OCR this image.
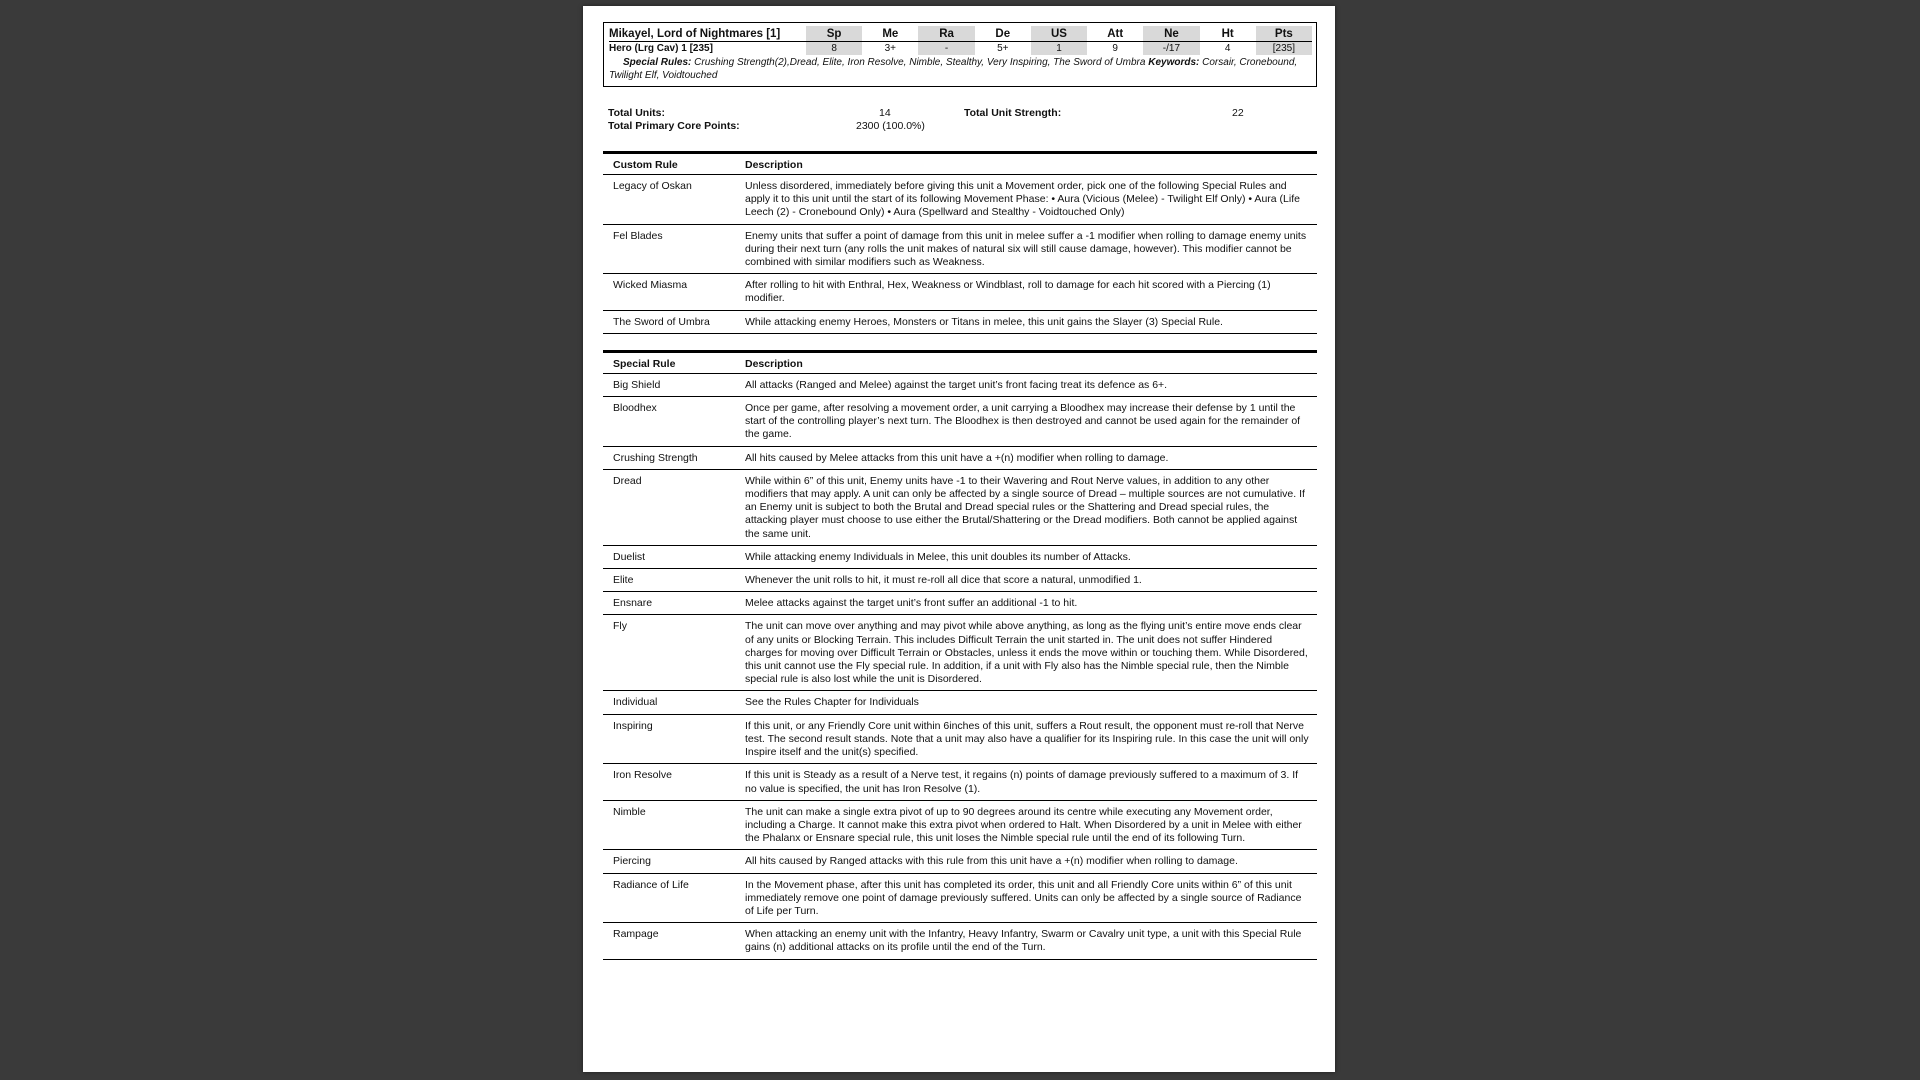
Mikayel, Lord of Nightmares [1]	Sp	Me	Ra	De	US	Att	Ne	Ht	Pts
Hero (Lrg Cav) 1 [235]	8	3+	-	5+	1	9	-/17	4	[235]
Special Rules: Crushing Strength(2),Dread, Elite, Iron Resolve, Nimble, Stealthy, Very Inspiring, The Sword of Umbra Keywords: Corsair, Cronebound, Twilight Elf, Voidtouched
Total Units:	14	Total Unit Strength:	22
Total Primary Core Points:	2300 (100.0%)
Custom Rule	Description
Legacy of Oskan	Unless disordered, immediately before giving this unit a Movement order, pick one of the following Special Rules and apply it to this unit until the start of its following Movement Phase: • Aura (Vicious (Melee) - Twilight Elf Only) • Aura (Life Leech (2) - Cronebound Only) • Aura (Spellward and Stealthy - Voidtouched Only)
Fel Blades	Enemy units that suffer a point of damage from this unit in melee suffer a -1 modifier when rolling to damage enemy units during their next turn (any rolls the unit makes of natural six will still cause damage, however). This modifier cannot be combined with similar modifiers such as Weakness.
Wicked Miasma	After rolling to hit with Enthral, Hex, Weakness or Windblast, roll to damage for each hit scored with a Piercing (1) modifier.
The Sword of Umbra	While attacking enemy Heroes, Monsters or Titans in melee, this unit gains the Slayer (3) Special Rule.
Special Rule	Description
Big Shield	All attacks (Ranged and Melee) against the target unit’s front facing treat its defence as 6+.
Bloodhex	Once per game, after resolving a movement order, a unit carrying a Bloodhex may increase their defense by 1 until the start of the controlling player’s next turn. The Bloodhex is then destroyed and cannot be used again for the remainder of the game.
Crushing Strength	All hits caused by Melee attacks from this unit have a +(n) modifier when rolling to damage.
Dread	While within 6” of this unit, Enemy units have -1 to their Wavering and Rout Nerve values, in addition to any other modifiers that may apply. A unit can only be affected by a single source of Dread – multiple sources are not cumulative. If an Enemy unit is subject to both the Brutal and Dread special rules or the Shattering and Dread special rules, the attacking player must choose to use either the Brutal/Shattering or the Dread modifiers. Both cannot be applied against the same unit.
Duelist	While attacking enemy Individuals in Melee, this unit doubles its number of Attacks.
Elite	Whenever the unit rolls to hit, it must re-roll all dice that score a natural, unmodified 1.
Ensnare	Melee attacks against the target unit’s front suffer an additional -1 to hit.
Fly	The unit can move over anything and may pivot while above anything, as long as the flying unit’s entire move ends clear of any units or Blocking Terrain. This includes Difficult Terrain the unit started in. The unit does not suffer Hindered charges for moving over Difficult Terrain or Obstacles, unless it ends the move within or touching them. While Disordered, this unit cannot use the Fly special rule. In addition, if a unit with Fly also has the Nimble special rule, then the Nimble special rule is also lost while the unit is Disordered.
Individual	See the Rules Chapter for Individuals
Inspiring	If this unit, or any Friendly Core unit within 6inches of this unit, suffers a Rout result, the opponent must re-roll that Nerve test. The second result stands. Note that a unit may also have a qualifier for its Inspiring rule. In this case the unit will only Inspire itself and the unit(s) specified.
Iron Resolve	If this unit is Steady as a result of a Nerve test, it regains (n) points of damage previously suffered to a maximum of 3. If no value is specified, the unit has Iron Resolve (1).
Nimble	The unit can make a single extra pivot of up to 90 degrees around its centre while executing any Movement order, including a Charge. It cannot make this extra pivot when ordered to Halt. When Disordered by a unit in Melee with either the Phalanx or Ensnare special rule, this unit loses the Nimble special rule until the end of its following Turn.
Piercing	All hits caused by Ranged attacks with this rule from this unit have a +(n) modifier when rolling to damage.
Radiance of Life	In the Movement phase, after this unit has completed its order, this unit and all Friendly Core units within 6” of this unit immediately remove one point of damage previously suffered. Units can only be affected by a single source of Radiance of Life per Turn.
Rampage	When attacking an enemy unit with the Infantry, Heavy Infantry, Swarm or Cavalry unit type, a unit with this Special Rule gains (n) additional attacks on its profile until the end of the Turn.
